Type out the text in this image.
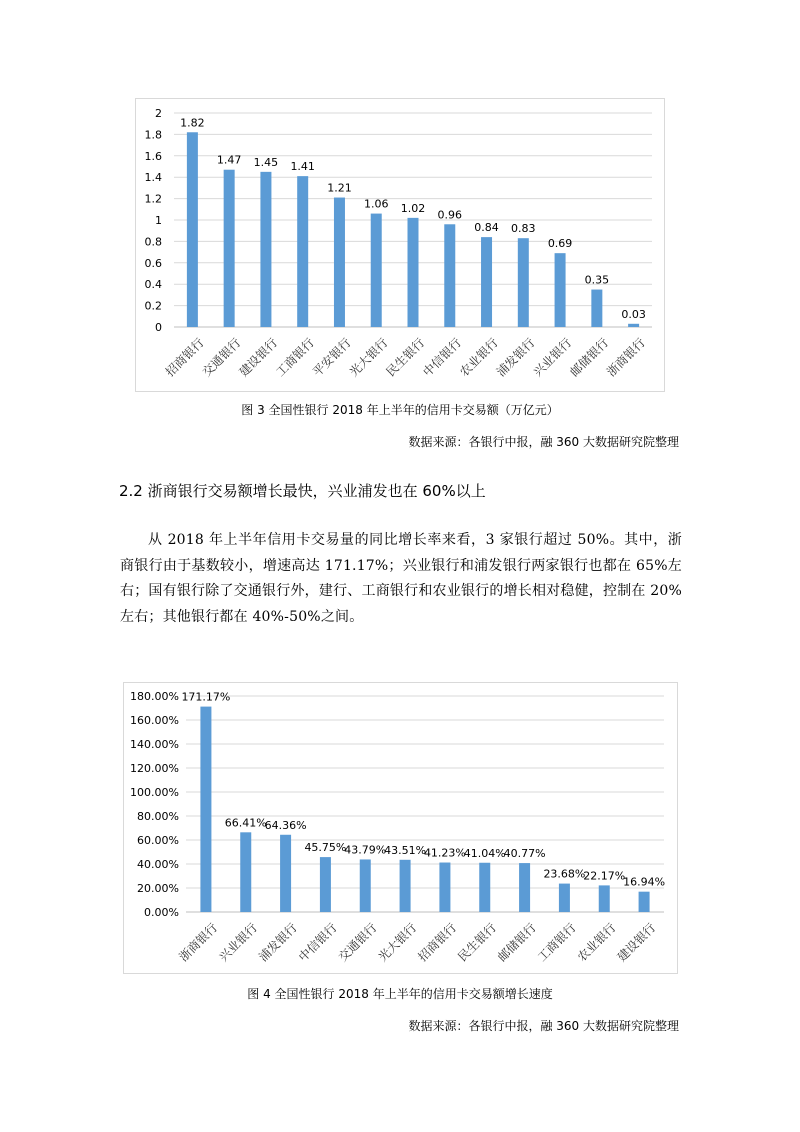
0
0.2
0.4
0.6
0.8
1
1.2
1.4
1.6
1.8
2
1.82
招商银行
1.47
交通银行
1.45
建设银行
1.41
工商银行
1.21
平安银行
1.06
光大银行
1.02
民生银行
0.96
中信银行
0.84
农业银行
0.83
浦发银行
0.69
兴业银行
0.35
邮储银行
0.03
浙商银行
图 3 全国性银行 2018 年上半年的信用卡交易额（万亿元）
数据来源：各银行中报，融 360 大数据研究院整理
2.2 浙商银行交易额增长最快，兴业浦发也在 60%以上
从 2018 年上半年信用卡交易量的同比增长率来看，3 家银行超过 50%。其中，浙商银行由于基数较小，增速高达 171.17%；兴业银行和浦发银行两家银行也都在 65%左右；国有银行除了交通银行外，建行、工商银行和农业银行的增长相对稳健，控制在 20%左右；其他银行都在 40%-50%之间。
0.00%
20.00%
40.00%
60.00%
80.00%
100.00%
120.00%
140.00%
160.00%
180.00% 171.17%
浙商银行
66.41%
兴业银行
64.36%
浦发银行
45.75%
中信银行
43.79%
交通银行
43.51%
光大银行
41.23%
招商银行
41.04%
民生银行
40.77%
邮储银行
23.68%
工商银行
22.17%
农业银行
16.94%
建设银行
图 4 全国性银行 2018 年上半年的信用卡交易额增长速度
数据来源：各银行中报，融 360 大数据研究院整理
